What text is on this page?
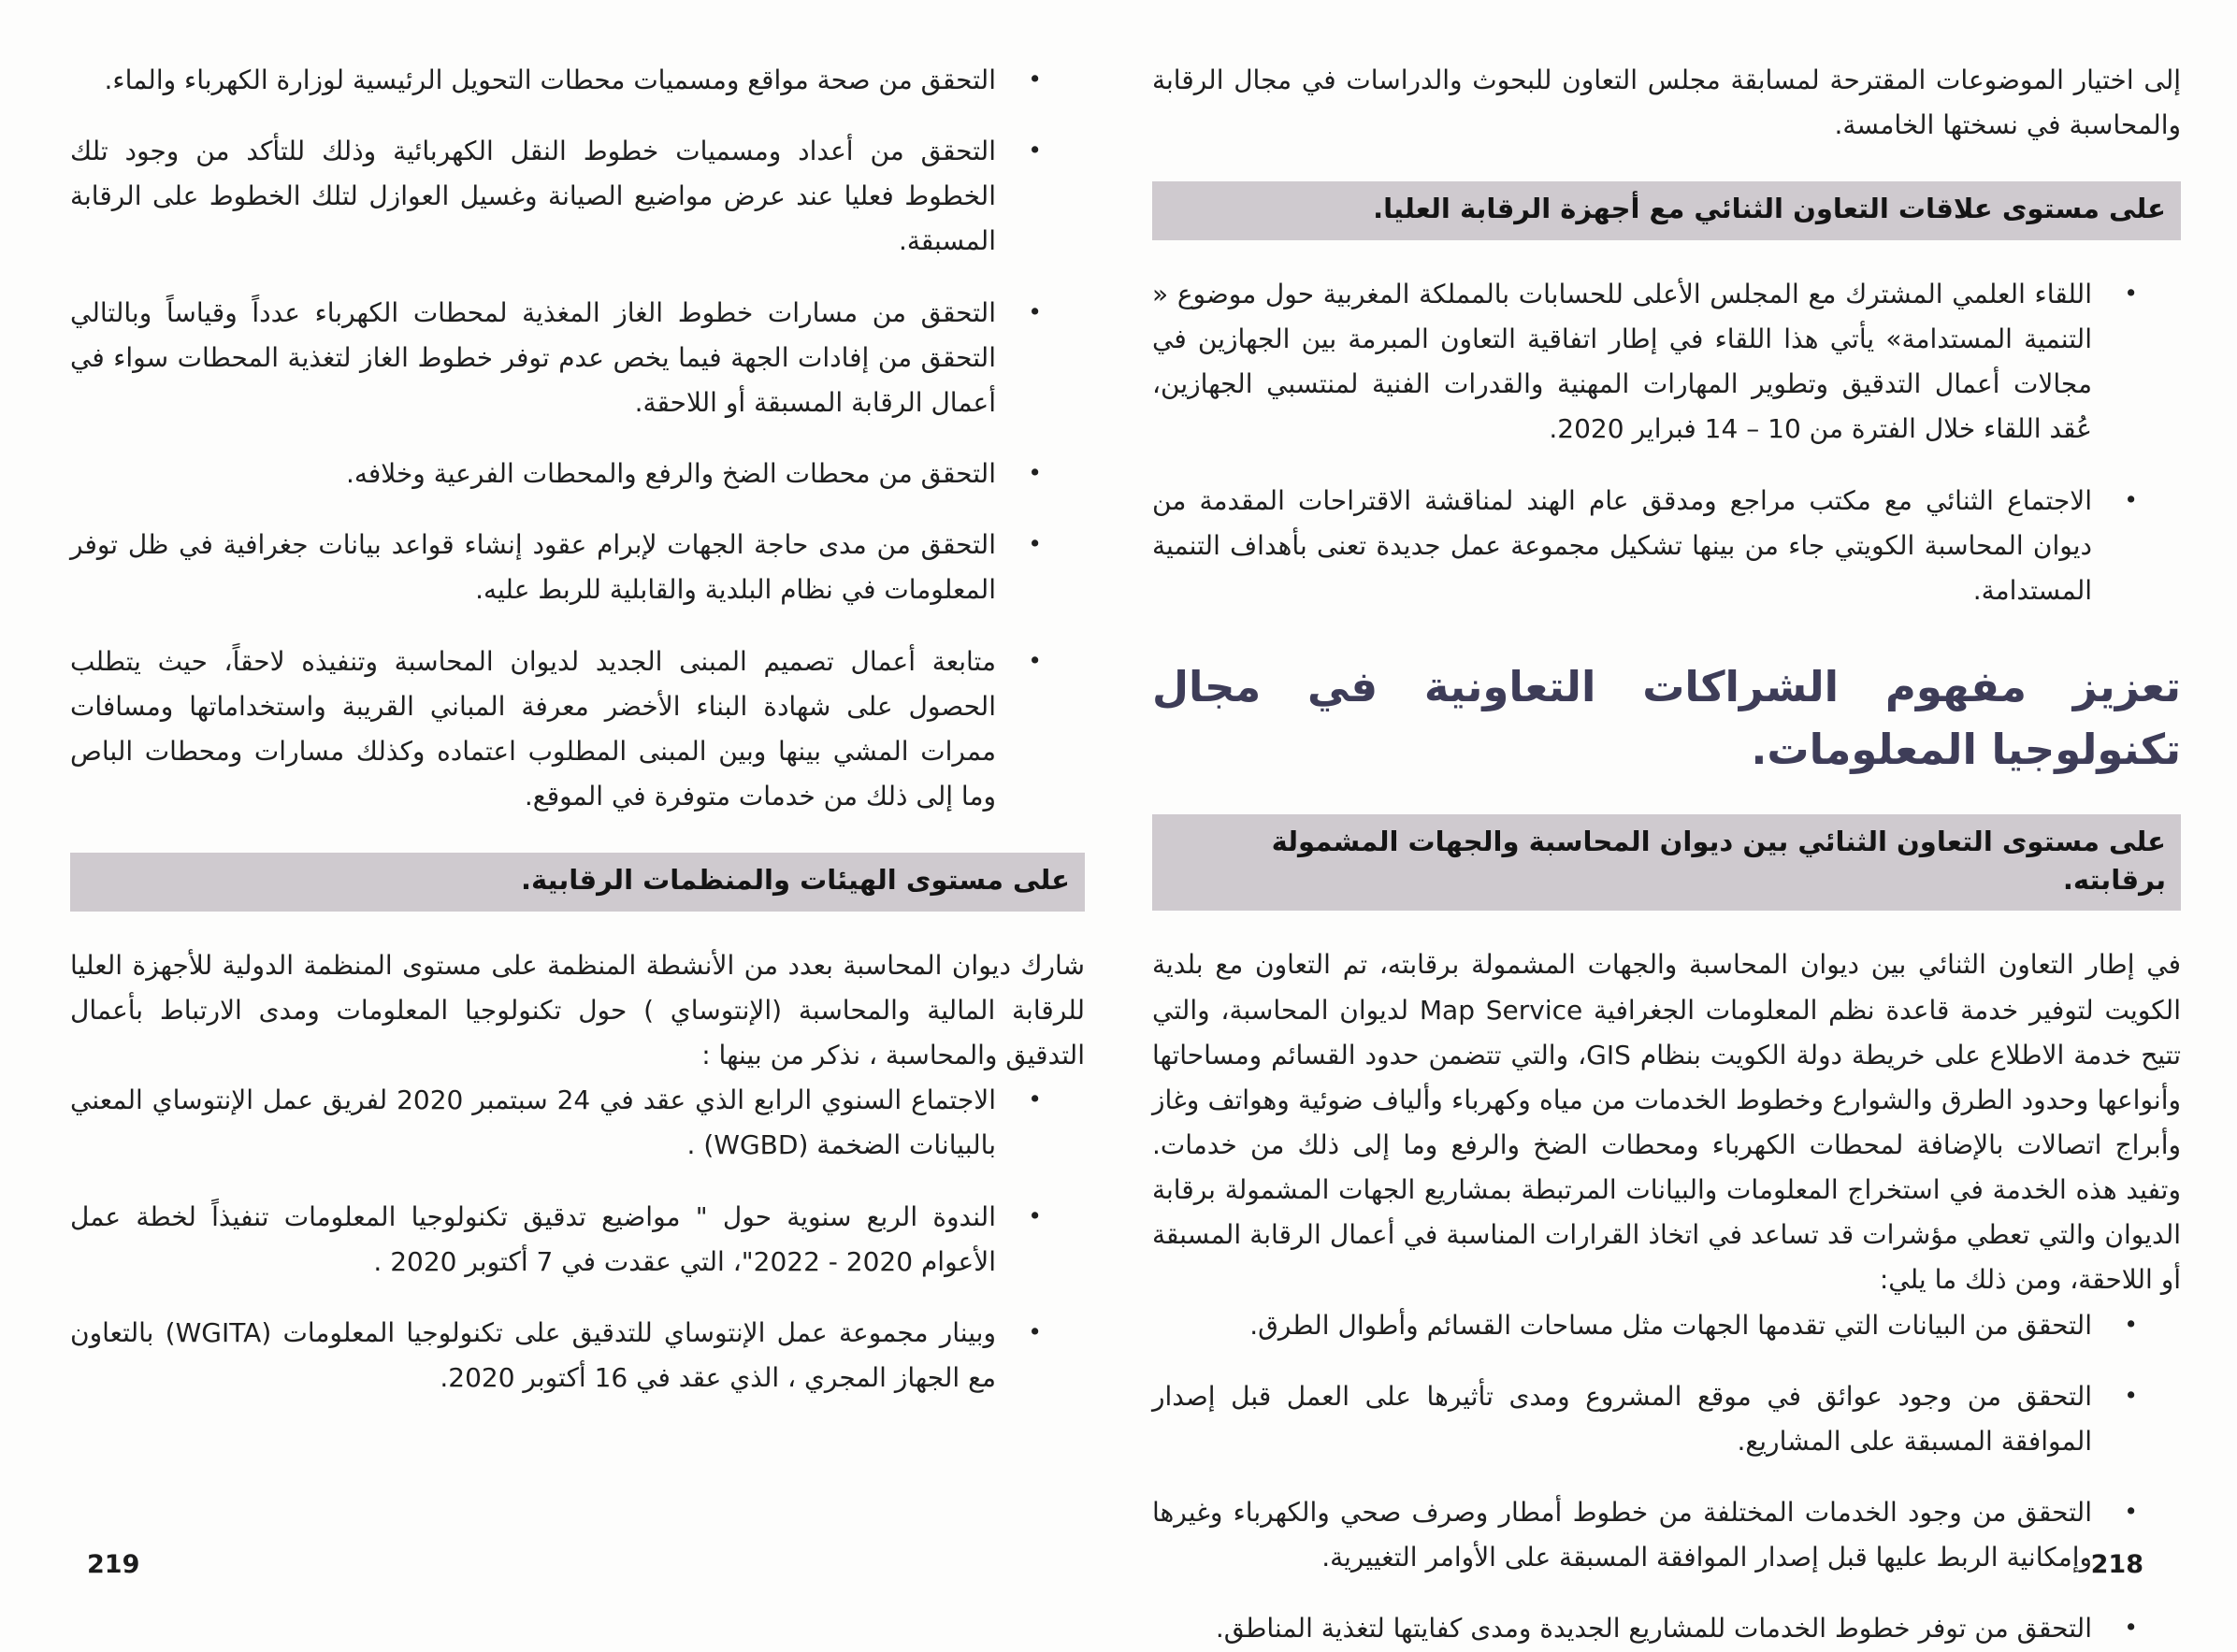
• التحقق من صحة مواقع ومسميات محطات التحويل الرئيسية لوزارة الكهرباء والماء.
• التحقق من أعداد ومسميات خطوط النقل الكهربائية وذلك للتأكد من وجود تلك الخطوط فعليا عند عرض مواضيع الصيانة وغسيل العوازل لتلك الخطوط على الرقابة المسبقة.
• التحقق من مسارات خطوط الغاز المغذية لمحطات الكهرباء عدداً وقياساً وبالتالي التحقق من إفادات الجهة فيما يخص عدم توفر خطوط الغاز لتغذية المحطات سواء في أعمال الرقابة المسبقة أو اللاحقة.
• التحقق من محطات الضخ والرفع والمحطات الفرعية وخلافه.
• التحقق من مدى حاجة الجهات لإبرام عقود إنشاء قواعد بيانات جغرافية في ظل توفر المعلومات في نظام البلدية والقابلية للربط عليه.
• متابعة أعمال تصميم المبنى الجديد لديوان المحاسبة وتنفيذه لاحقاً، حيث يتطلب الحصول على شهادة البناء الأخضر معرفة المباني القريبة واستخداماتها ومسافات ممرات المشي بينها وبين المبنى المطلوب اعتماده وكذلك مسارات ومحطات الباص وما إلى ذلك من خدمات متوفرة في الموقع.
على مستوى الهيئات والمنظمات الرقابية.

شارك ديوان المحاسبة بعدد من الأنشطة المنظمة على مستوى المنظمة الدولية للأجهزة العليا للرقابة المالية والمحاسبة (الإنتوساي ) حول تكنولوجيا المعلومات ومدى الارتباط بأعمال التدقيق والمحاسبة ، نذكر من بينها :

• الاجتماع السنوي الرابع الذي عقد في 24 سبتمبر 2020 لفريق عمل الإنتوساي المعني بالبيانات الضخمة (WGBD) .
• الندوة الربع سنوية حول " مواضيع تدقيق تكنولوجيا المعلومات تنفيذاً لخطة عمل الأعوام 2020 - 2022"، التي عقدت في 7 أكتوبر 2020 .
• وبينار مجموعة عمل الإنتوساي للتدقيق على تكنولوجيا المعلومات (WGITA) بالتعاون مع الجهاز المجري ، الذي عقد في 16 أكتوبر 2020.
219

إلى اختيار الموضوعات المقترحة لمسابقة مجلس التعاون للبحوث والدراسات في مجال الرقابة والمحاسبة في نسختها الخامسة.

على مستوى علاقات التعاون الثنائي مع أجهزة الرقابة العليا.
• اللقاء العلمي المشترك مع المجلس الأعلى للحسابات بالمملكة المغربية حول موضوع « التنمية المستدامة» يأتي هذا اللقاء في إطار اتفاقية التعاون المبرمة بين الجهازين في مجالات أعمال التدقيق وتطوير المهارات المهنية والقدرات الفنية لمنتسبي الجهازين، عُقد اللقاء خلال الفترة من 10 – 14 فبراير 2020.
• الاجتماع الثنائي مع مكتب مراجع ومدقق عام الهند لمناقشة الاقتراحات المقدمة من ديوان المحاسبة الكويتي جاء من بينها تشكيل مجموعة عمل جديدة تعنى بأهداف التنمية المستدامة.
تعزيز مفهوم الشراكات التعاونية في مجال تكنولوجيا المعلومات.
على مستوى التعاون الثنائي بين ديوان المحاسبة والجهات المشمولة برقابته.

في إطار التعاون الثنائي بين ديوان المحاسبة والجهات المشمولة برقابته، تم التعاون مع بلدية الكويت لتوفير خدمة قاعدة نظم المعلومات الجغرافية Map Service لديوان المحاسبة، والتي تتيح خدمة الاطلاع على خريطة دولة الكويت بنظام GIS، والتي تتضمن حدود القسائم ومساحاتها وأنواعها وحدود الطرق والشوارع وخطوط الخدمات من مياه وكهرباء وألياف ضوئية وهواتف وغاز وأبراج اتصالات بالإضافة لمحطات الكهرباء ومحطات الضخ والرفع وما إلى ذلك من خدمات. وتفيد هذه الخدمة في استخراج المعلومات والبيانات المرتبطة بمشاريع الجهات المشمولة برقابة الديوان والتي تعطي مؤشرات قد تساعد في اتخاذ القرارات المناسبة في أعمال الرقابة المسبقة أو اللاحقة، ومن ذلك ما يلي:

• التحقق من البيانات التي تقدمها الجهات مثل مساحات القسائم وأطوال الطرق.
• التحقق من وجود عوائق في موقع المشروع ومدى تأثيرها على العمل قبل إصدار الموافقة المسبقة على المشاريع.
• التحقق من وجود الخدمات المختلفة من خطوط أمطار وصرف صحي والكهرباء وغيرها وإمكانية الربط عليها قبل إصدار الموافقة المسبقة على الأوامر التغييرية.
• التحقق من توفر خطوط الخدمات للمشاريع الجديدة ومدى كفايتها لتغذية المناطق.
218
